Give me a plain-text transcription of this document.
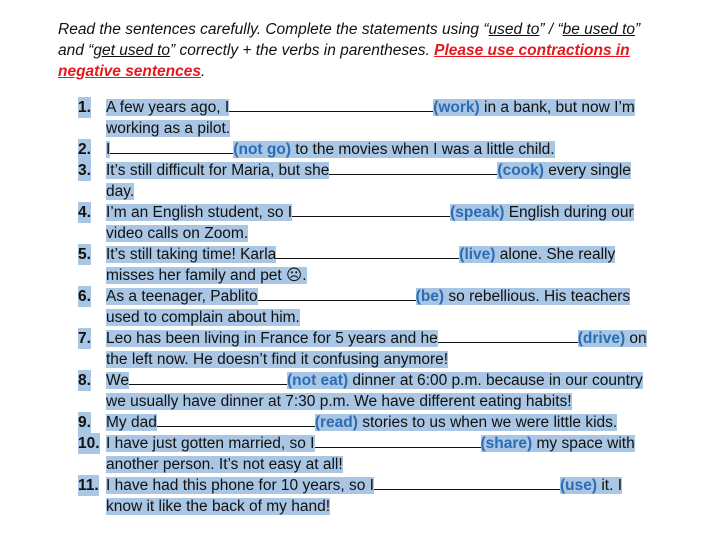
Read the sentences carefully. Complete the statements using “used to” / “be used to” and “get used to” correctly + the verbs in parentheses. Please use contractions in negative sentences.

1. A few years ago, I	(work) in a bank, but now I’m working as a pilot.
2. I	(not go) to the movies when I was a little child.
3. It’s still difficult for Maria, but she	(cook) every single day.
4. I’m an English student, so I	(speak) English during our video calls on Zoom.
5. It’s still taking time! Karla	(live) alone. She really misses her family and pet ☹.
6. As a teenager, Pablito	(be) so rebellious. His teachers used to complain about him.
7. Leo has been living in France for 5 years and he	(drive) on the left now. He doesn’t find it confusing anymore!
8. We	(not eat) dinner at 6:00 p.m. because in our country we usually have dinner at 7:30 p.m. We have different eating habits!
9. My dad	(read) stories to us when we were little kids.
10. I have just gotten married, so I	(share) my space with another person. It’s not easy at all!
11. I have had this phone for 10 years, so I	(use) it. I know it like the back of my hand!
